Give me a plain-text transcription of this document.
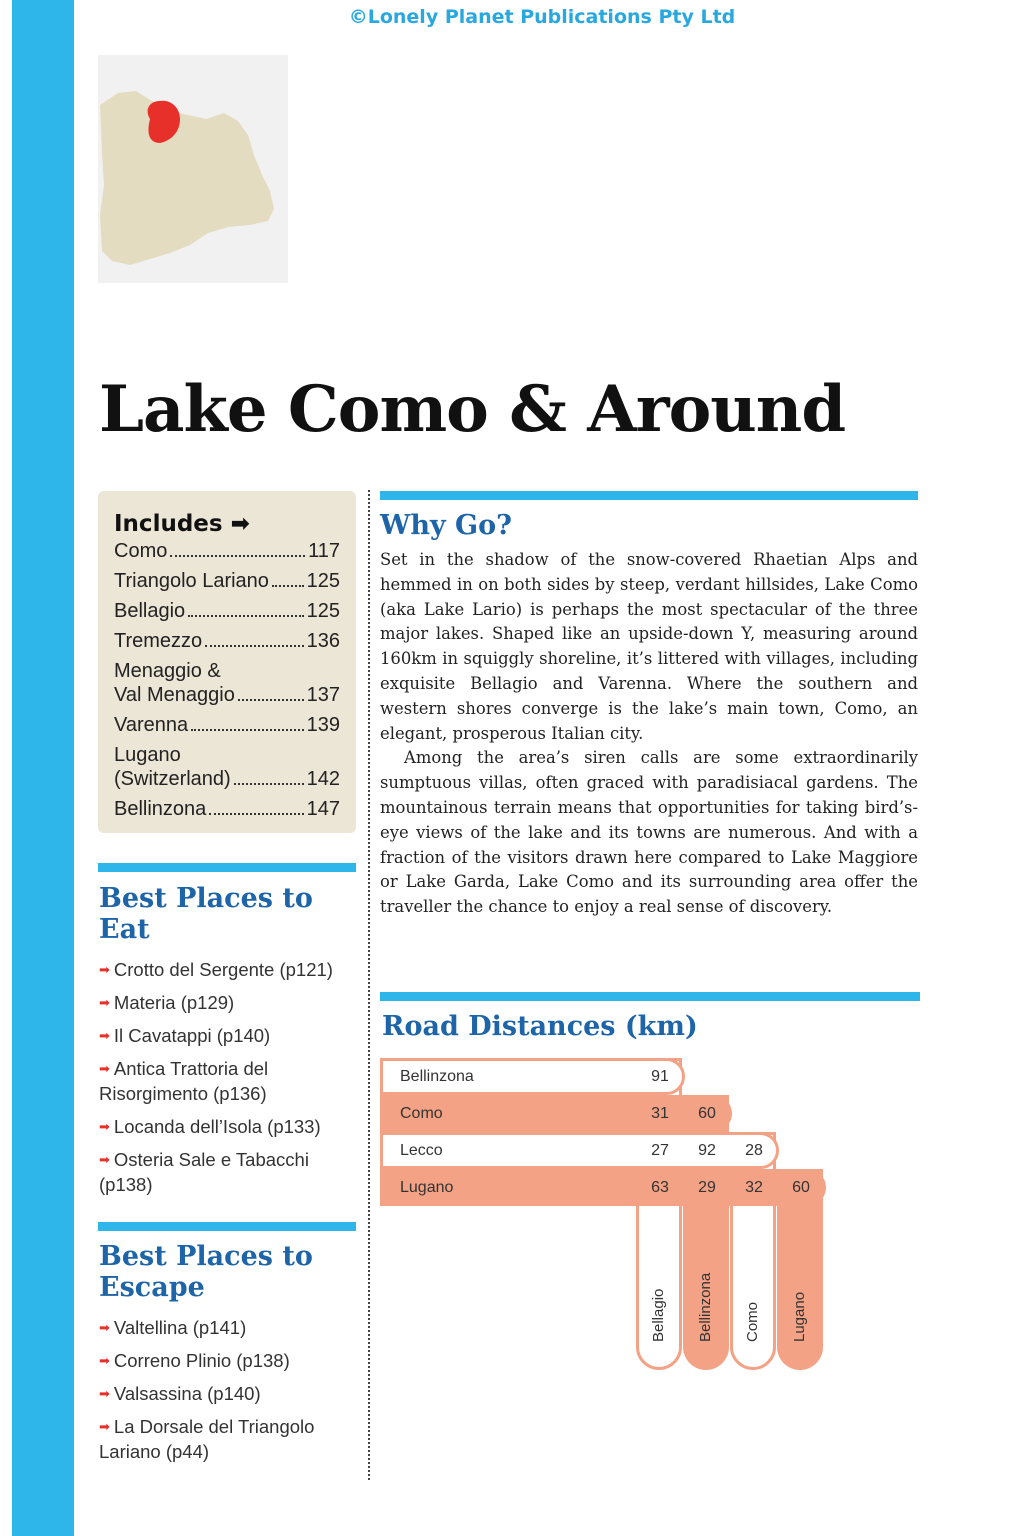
©Lonely Planet Publications Pty Ltd
Lake Como & Around
Includes ➡
Como	117
Triangolo Lariano 125
Bellagio	125
Tremezzo	136
Menaggio &
Val Menaggio	137
Varenna	139
Lugano
(Switzerland)	142
Bellinzona	147
Best Places to Eat
➡ Crotto del Sergente (p121)
➡ Materia (p129)
➡ Il Cavatappi (p140)
➡ Antica Trattoria del Risorgimento (p136)
➡ Locanda dell’Isola (p133)
➡ Osteria Sale e Tabacchi (p138)
Best Places to Escape
➡ Valtellina (p141)
➡ Correno Plinio (p138)
➡ Valsassina (p140)
➡ La Dorsale del Triangolo Lariano (p44)
Why Go?

Set in the shadow of the snow-covered Rhaetian Alps and hemmed in on both sides by steep, verdant hillsides, Lake Como (aka Lake Lario) is perhaps the most spectacular of the three major lakes. Shaped like an upside-down Y, measuring around 160km in squiggly shoreline, it’s littered with villages, including exquisite Bellagio and Varenna. Where the southern and western shores converge is the lake’s main town, Como, an elegant, prosperous Italian city.

Among the area’s siren calls are some extraordinarily sumptuous villas, often graced with paradisiacal gardens. The mountainous terrain means that opportunities for taking bird’s-eye views of the lake and its towns are numerous. And with a fraction of the visitors drawn here compared to Lake Maggiore or Lake Garda, Lake Como and its surrounding area offer the traveller the chance to enjoy a real sense of discovery.

Road Distances (km)
Bellagio Bellinzona Como Lugano
Bellinzona	91
Como	31	60
Lecco	27	92	28
Lugano	63	29	32	60
